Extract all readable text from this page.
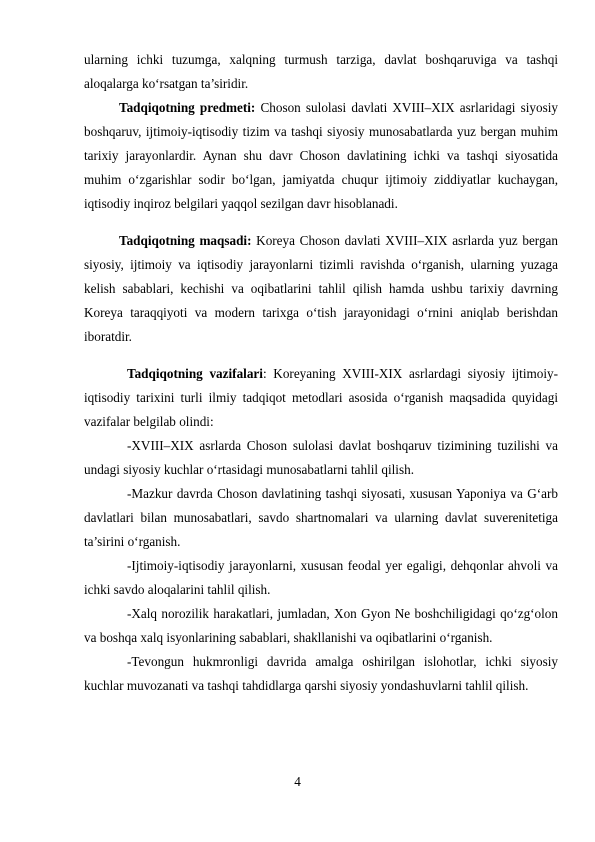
ularning ichki tuzumga, xalqning turmush tarziga, davlat boshqaruviga va tashqi aloqalarga ko‘rsatgan ta’siridir.

Tadqiqotning predmeti: Choson sulolasi davlati XVIII–XIX asrlaridagi siyosiy boshqaruv, ijtimoiy-iqtisodiy tizim va tashqi siyosiy munosabatlarda yuz bergan muhim tarixiy jarayonlardir. Aynan shu davr Choson davlatining ichki va tashqi siyosatida muhim o‘zgarishlar sodir bo‘lgan, jamiyatda chuqur ijtimoiy ziddiyatlar kuchaygan, iqtisodiy inqiroz belgilari yaqqol sezilgan davr hisoblanadi.

Tadqiqotning maqsadi: Koreya Choson davlati XVIII–XIX asrlarda yuz bergan siyosiy, ijtimoiy va iqtisodiy jarayonlarni tizimli ravishda o‘rganish, ularning yuzaga kelish sabablari, kechishi va oqibatlarini tahlil qilish hamda ushbu tarixiy davrning Koreya taraqqiyoti va modern tarixga o‘tish jarayonidagi o‘rnini aniqlab berishdan iboratdir.

Tadqiqotning vazifalari: Koreyaning XVIII-XIX asrlardagi siyosiy ijtimoiy-iqtisodiy tarixini turli ilmiy tadqiqot metodlari asosida o‘rganish maqsadida quyidagi vazifalar belgilab olindi:

-XVIII–XIX asrlarda Choson sulolasi davlat boshqaruv tizimining tuzilishi va undagi siyosiy kuchlar o‘rtasidagi munosabatlarni tahlil qilish.

-Mazkur davrda Choson davlatining tashqi siyosati, xususan Yaponiya va G‘arb davlatlari bilan munosabatlari, savdo shartnomalari va ularning davlat suverenitetiga ta’sirini o‘rganish.

-Ijtimoiy-iqtisodiy jarayonlarni, xususan feodal yer egaligi, dehqonlar ahvoli va ichki savdo aloqalarini tahlil qilish.

-Xalq norozilik harakatlari, jumladan, Xon Gyon Ne boshchiligidagi qo‘zg‘olon va boshqa xalq isyonlarining sabablari, shakllanishi va oqibatlarini o‘rganish.

-Tevongun hukmronligi davrida amalga oshirilgan islohotlar, ichki siyosiy kuchlar muvozanati va tashqi tahdidlarga qarshi siyosiy yondashuvlarni tahlil qilish.

4
